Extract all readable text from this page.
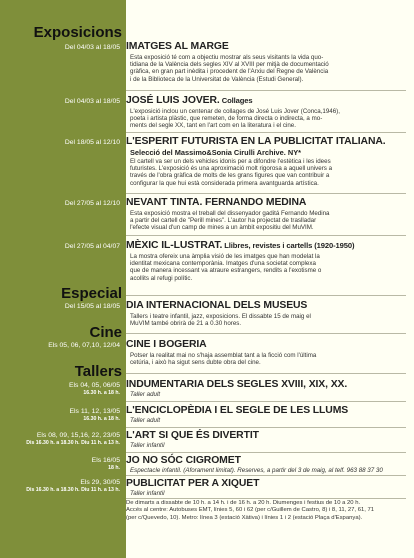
Exposicions
Del 04/03 al 18/05
Del 04/03 al 18/05
Del 18/05 al 12/10
Del 27/05 al 12/10
Del 27/05 al 04/07
Especial
Del 15/05 al 18/05
Cine
Els 05, 06, 07,10, 12/04
Tallers
Els 04, 05, 06/05
16.30 h. a 18 h.
Els 11, 12, 13/05
16.30 h. a 18 h.
Els 08, 09, 15,16, 22, 23/05
Dis 16.30 h. a 18.30 h. Diu 11 h. a 13 h.
Els 16/05
18 h.
Els 29, 30/05
Dis 16.30 h. a 18.30 h. Diu 11 h. a 13 h.
IMATGES AL MARGE
Esta exposició té com a objectiu mostrar als seus visitants la vida quo-
tidiana de la València dels segles XIV al XVIII per mitjà de documentació
gràfica, en gran part inèdita i procedent de l'Arxiu del Regne de València
i de la Biblioteca de la Universitat de València (Estudi General).
JOSÉ LUIS JOVER. Collages
L'exposició inclou un centenar de collages de José Luis Jover (Conca,1946),
poeta i artista plàstic, que remeten, de forma directa o indirecta, a mo-
ments del segle XX, tant en l'art com en la literatura i el cine.
L'ESPERIT FUTURISTA EN LA PUBLICITAT ITALIANA.
Selecció del Massimo&Sonia Cirulli Archive. NY*
El cartell va ser un dels vehicles idonis per a difondre l'estètica i les idees
futuristes. L'exposició és una aproximació molt rigorosa a aquell univers a
través de l'obra gràfica de molts de les grans figures que van contribuir a
configurar la que hui està considerada primera avantguarda artística.
NEVANT TINTA. FERNANDO MEDINA
Esta exposició mostra el treball del dissenyador gaditá Fernando Medina
a partir del cartell de "Perill mines". L'autor ha projectat de traslladar
l'efecte visual d'un camp de mines a un àmbit expositiu del MuVIM.
MÈXIC IL-LUSTRAT. Llibres, revistes i cartells (1920-1950)
La mostra ofereix una àmplia visió de les imatges que han modelat la
identitat mexicana contemporània. Imatges d'una societat complexa
que de manera incessant va atraure estrangers, rendits a l'exotisme o
acollits al refugi polític.
DIA INTERNACIONAL DELS MUSEUS
Tallers i teatre infantil, jazz, exposicions. El dissabte 15 de maig el
MuVIM també obrirà de 21 a 0.30 hores.
CINE I BOGERIA
Potser la realitat mai no s'haja assemblat tant a la ficció com l'última
cetúria, i això ha sigut sens dubte obra del cine.
INDUMENTARIA DELS SEGLES XVIII, XIX, XX.
Taller adult
L'ENCICLOPÈDIA I EL SEGLE DE LES LLUMS
Taller adult
L'ART SI QUE ÉS DIVERTIT
Taller infantil
JO NO SÓC CIGROMET
Espectacle infantil. (Aforament limitat). Reserves, a partir del 3 de maig, al telf. 963 88 37 30
PUBLICITAT PER A XIQUET
Taller infantil
De dimarts a dissabte de 10 h. a 14 h. i de 16 h. a 20 h. Diumenges i festius de 10 a 20 h.
Accés al centre: Autobuses EMT, línies 5, 60 i 62 (per c/Guillem de Castro, 8) i 8, 11, 27, 61, 71
(per c/Quevedo, 10). Metro: línea 3 (estació Xàtiva) i línies 1 i 2 (estació Plaça d'Espanya).
